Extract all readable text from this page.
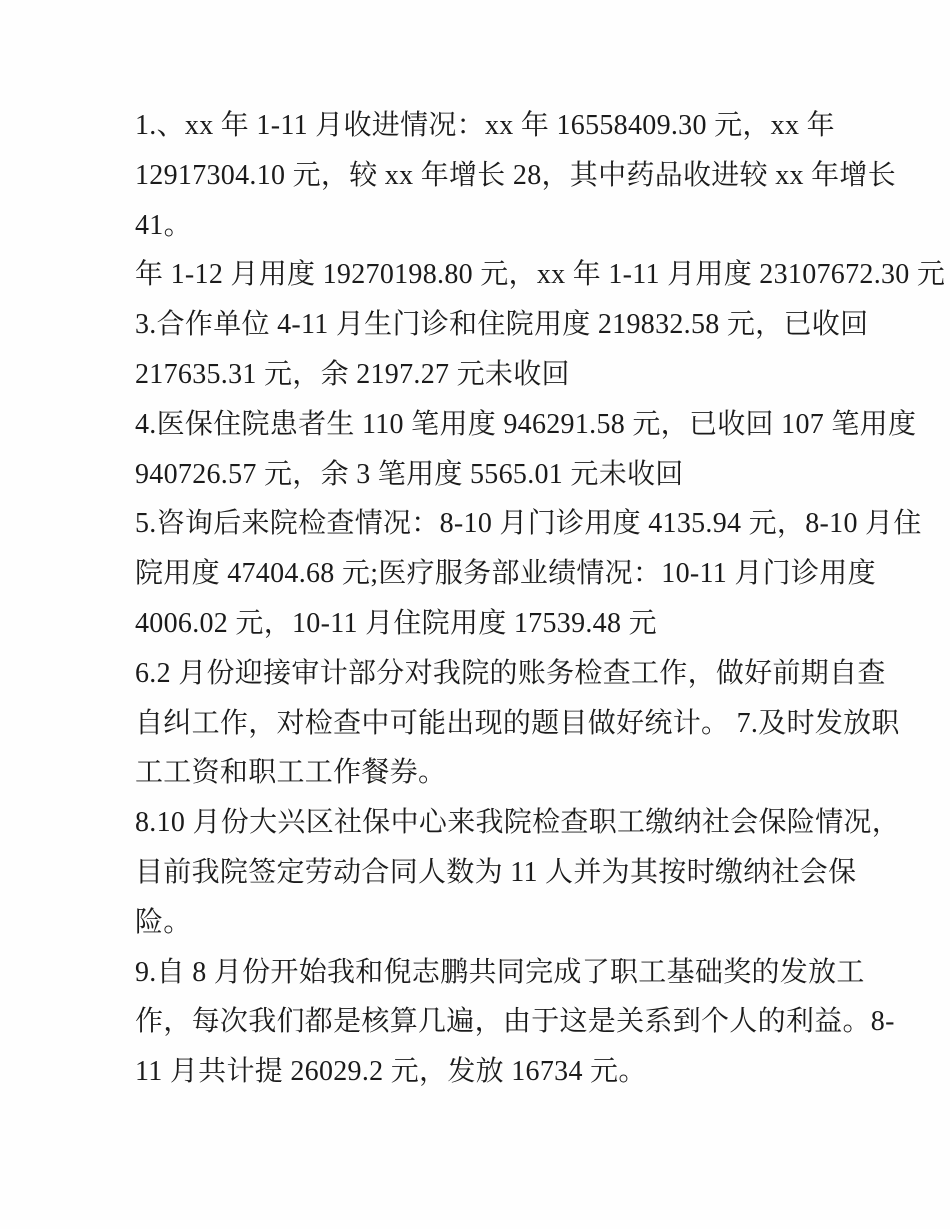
1.、xx 年 1-11 月收进情况：xx 年 16558409.30 元，xx 年
12917304.10 元，较 xx 年增长 28，其中药品收进较 xx 年增长
41。
年 1-12 月用度 19270198.80 元，xx 年 1-11 月用度 23107672.30 元
3.合作单位 4-11 月生门诊和住院用度 219832.58 元，已收回
217635.31 元，余 2197.27 元未收回
4.医保住院患者生 110 笔用度 946291.58 元，已收回 107 笔用度
940726.57 元，余 3 笔用度 5565.01 元未收回
5.咨询后来院检查情况：8-10 月门诊用度 4135.94 元，8-10 月住
院用度 47404.68 元;医疗服务部业绩情况：10-11 月门诊用度
4006.02 元，10-11 月住院用度 17539.48 元
6.2 月份迎接审计部分对我院的账务检查工作，做好前期自查
自纠工作，对检查中可能出现的题目做好统计。 7.及时发放职
工工资和职工工作餐券。
8.10 月份大兴区社保中心来我院检查职工缴纳社会保险情况，
目前我院签定劳动合同人数为 11 人并为其按时缴纳社会保
险。
9.自 8 月份开始我和倪志鹏共同完成了职工基础奖的发放工
作，每次我们都是核算几遍，由于这是关系到个人的利益。8-
11 月共计提 26029.2 元，发放 16734 元。
